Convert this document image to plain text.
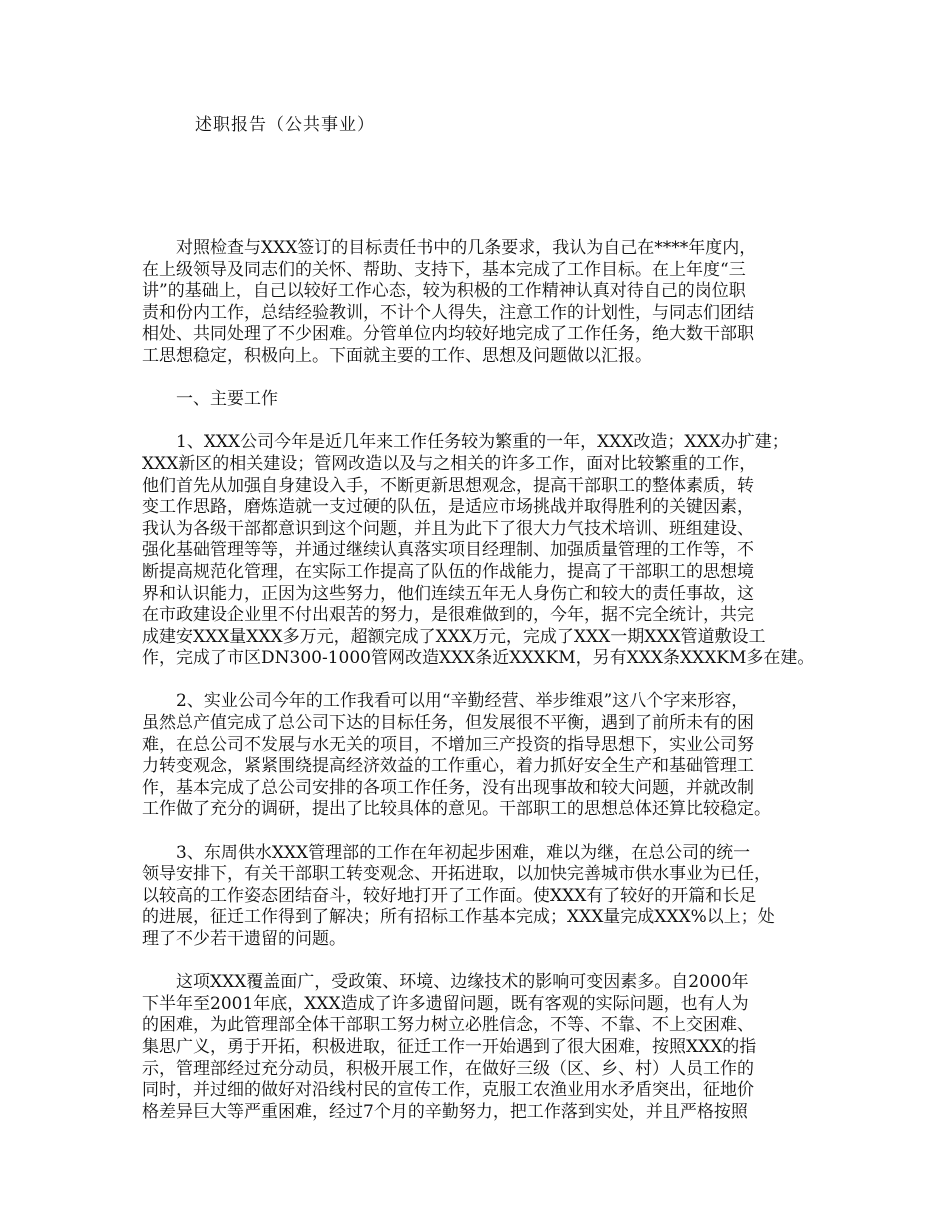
述职报告（公共事业）
对照检查与XXX签订的目标责任书中的几条要求，我认为自己在****年度内，
在上级领导及同志们的关怀、帮助、支持下，基本完成了工作目标。在上年度“三
讲”的基础上，自己以较好工作心态，较为积极的工作精神认真对待自己的岗位职
责和份内工作，总结经验教训，不计个人得失，注意工作的计划性，与同志们团结
相处、共同处理了不少困难。分管单位内均较好地完成了工作任务，绝大数干部职
工思想稳定，积极向上。下面就主要的工作、思想及问题做以汇报。
一、主要工作
1、XXX公司今年是近几年来工作任务较为繁重的一年，XXX改造；XXX办扩建；
XXX新区的相关建设；管网改造以及与之相关的许多工作，面对比较繁重的工作，
他们首先从加强自身建设入手，不断更新思想观念，提高干部职工的整体素质，转
变工作思路，磨炼造就一支过硬的队伍，是适应市场挑战并取得胜利的关键因素，
我认为各级干部都意识到这个问题，并且为此下了很大力气技术培训、班组建设、
强化基础管理等等，并通过继续认真落实项目经理制、加强质量管理的工作等，不
断提高规范化管理，在实际工作提高了队伍的作战能力，提高了干部职工的思想境
界和认识能力，正因为这些努力，他们连续五年无人身伤亡和较大的责任事故，这
在市政建设企业里不付出艰苦的努力，是很难做到的，今年，据不完全统计，共完
成建安XXX量XXX多万元，超额完成了XXX万元，完成了XXX一期XXX管道敷设工
作，完成了市区DN300-1000管网改造XXX条近XXXKM，另有XXX条XXXKM多在建。
2、实业公司今年的工作我看可以用“辛勤经营、举步维艰”这八个字来形容，
虽然总产值完成了总公司下达的目标任务，但发展很不平衡，遇到了前所未有的困
难，在总公司不发展与水无关的项目，不增加三产投资的指导思想下，实业公司努
力转变观念，紧紧围绕提高经济效益的工作重心，着力抓好安全生产和基础管理工
作，基本完成了总公司安排的各项工作任务，没有出现事故和较大问题，并就改制
工作做了充分的调研，提出了比较具体的意见。干部职工的思想总体还算比较稳定。
3、东周供水XXX管理部的工作在年初起步困难，难以为继，在总公司的统一
领导安排下，有关干部职工转变观念、开拓进取，以加快完善城市供水事业为已任，
以较高的工作姿态团结奋斗，较好地打开了工作面。使XXX有了较好的开篇和长足
的进展，征迁工作得到了解决；所有招标工作基本完成；XXX量完成XXX%以上；处
理了不少若干遗留的问题。
这项XXX覆盖面广，受政策、环境、边缘技术的影响可变因素多。自2000年
下半年至2001年底，XXX造成了许多遗留问题，既有客观的实际问题，也有人为
的困难，为此管理部全体干部职工努力树立必胜信念，不等、不靠、不上交困难、
集思广义，勇于开拓，积极进取，征迁工作一开始遇到了很大困难，按照XXX的指
示，管理部经过充分动员，积极开展工作，在做好三级（区、乡、村）人员工作的
同时，并过细的做好对沿线村民的宣传工作，克服工农渔业用水矛盾突出，征地价
格差异巨大等严重困难，经过7个月的辛勤努力，把工作落到实处，并且严格按照
